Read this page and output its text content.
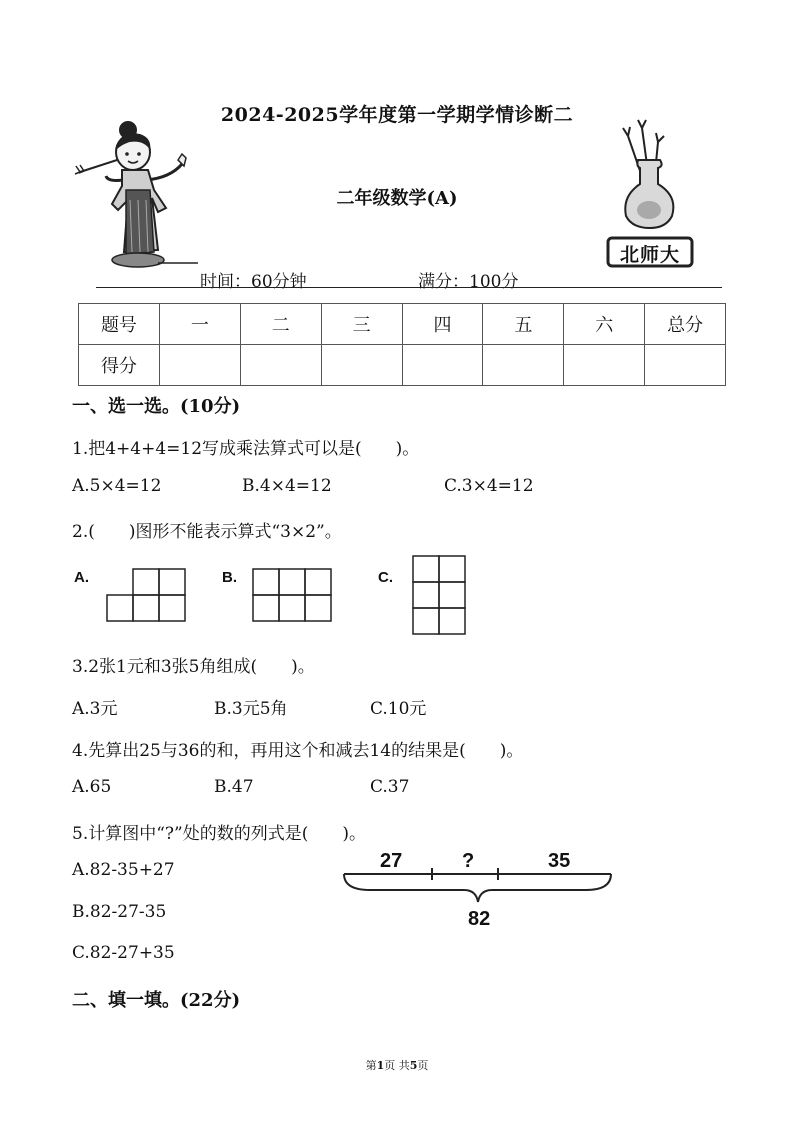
北师大
2024-2025学年度第一学期学情诊断二
二年级数学(A)
时间：60分钟	满分：100分
题号	一	二	三	四	五	六	总分
得分							
一、选一选。(10分)
1.把4+4+4=12写成乘法算式可以是(　　)。
A.5×4=12	B.4×4=12	C.3×4=12
2.(　　)图形不能表示算式“3×2”。
A.	B.	C.
3.2张1元和3张5角组成(　　)。
A.3元	B.3元5角	C.10元
4.先算出25与36的和，再用这个和减去14的结果是(　　)。
A.65	B.47	C.37
5.计算图中“?”处的数的列式是(　　)。
A.82-35+27
B.82-27-35
C.82-27+35
27	?	35
82
二、填一填。(22分)
第1页 共5页
